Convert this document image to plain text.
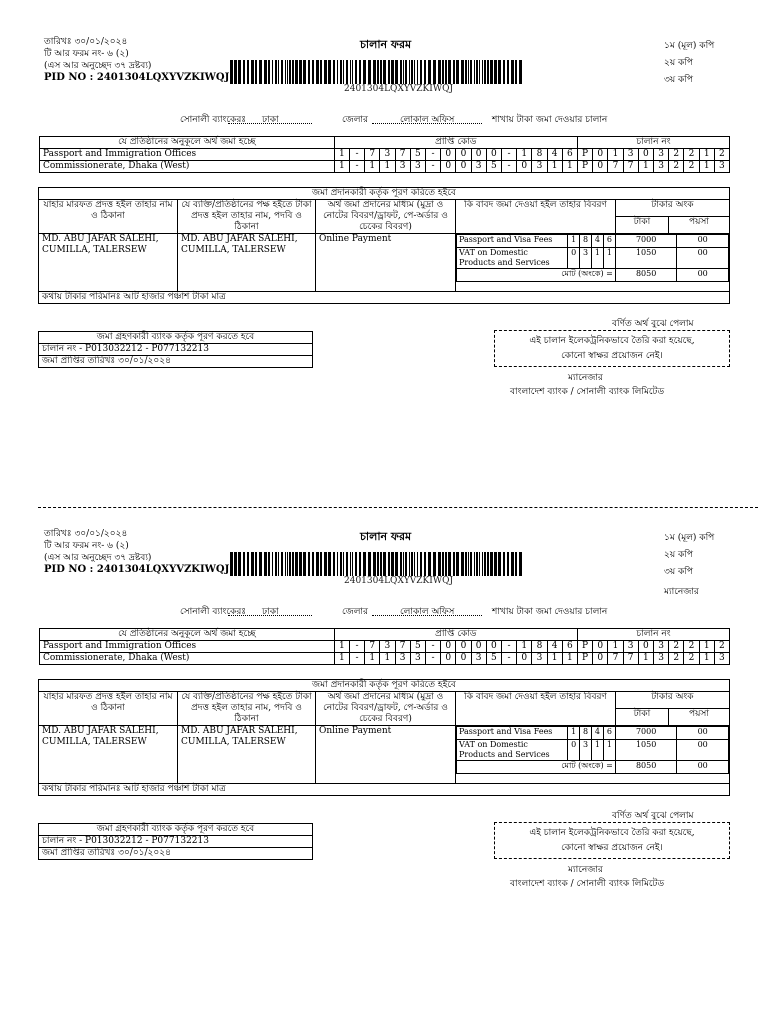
তারিখঃ ৩০/০১/২০২৪
টি আর ফরম নং- ৬ (২)
(এস আর অনুচ্ছেদ ৩৭ দ্রষ্টব্য)
PID NO : 2401304LQXYVZKIWQJ
চালান ফরম	১ম (মূল) কপি
২য় কপি
৩য় কপি
2401304LQXYVZKIWQJ
সোনালী ব্যাংকেরঃ ঢাকা	জেলার	লোকাল অফিস	শাখায় টাকা জমা দেওয়ার চালান
যে প্রতিষ্ঠানের অনুকূলে অর্থ জমা হচ্ছে	প্রাপ্তি কোড																চালান নং									
Passport and Immigration Offices	1	-	7	3	7	5	-	0	0	0	0	-	1	8	4	6	P	0	1	3	0	3	2	2	1	2
Commissionerate, Dhaka (West)	1	-	1	1	3	3	-	0	0	3	5	-	0	3	1	1	P	0	7	7	1	3	2	2	1	3
জমা প্রদানকারী কর্তৃক পূরণ করিতে হইবে
যাহার মারফত প্রদত্ত হইল তাহার নাম ও ঠিকানা	যে ব্যক্তি/প্রতিষ্ঠানের পক্ষ হইতে টাকা প্রদত্ত হইল তাহার নাম, পদবি ও ঠিকানা	অর্থ জমা প্রদানের মাধ্যম (মুদ্রা ও নোটের বিবরণ/ড্রাফট, পে-অর্ডার ও চেকের বিবরণ)	কি বাবদ জমা দেওয়া হইল তাহার বিবরণ	টাকার অংক
টাকা	পয়সা
MD. ABU JAFAR SALEHI, CUMILLA, TALERSEW	MD. ABU JAFAR SALEHI, CUMILLA, TALERSEW	Online Payment		Passport and Visa Fees	1	8	4	6	7000	00
VAT on Domestic Products and Services	0	3	1	1	1050	00
মোট (অংকে) =	8050	00

কথায় টাকার পরিমানঃ আট হাজার পঞ্চাশ টাকা মাত্র
বর্ণিত অর্থ বুঝে পেলাম
জমা গ্রহণকারী ব্যাংক কর্তৃক পূরণ করতে হবে
চালান নং - P013032212 - P077132213
জমা প্রাপ্তির তারিখঃ ৩০/০১/২০২৪
এই চালান ইলেকট্রনিকভাবে তৈরি করা হয়েছে,
কোনো স্বাক্ষর প্রয়োজন নেই।
ম্যানেজার
বাংলাদেশ ব্যাংক / সোনালী ব্যাংক লিমিটেড
তারিখঃ ৩০/০১/২০২৪
টি আর ফরম নং- ৬ (২)
(এস আর অনুচ্ছেদ ৩৭ দ্রষ্টব্য)
PID NO : 2401304LQXYVZKIWQJ
চালান ফরম	১ম (মূল) কপি
২য় কপি
৩য় কপি
ম্যানেজার
2401304LQXYVZKIWQJ
সোনালী ব্যাংকেরঃ ঢাকা	জেলার	লোকাল অফিস	শাখায় টাকা জমা দেওয়ার চালান
যে প্রতিষ্ঠানের অনুকূলে অর্থ জমা হচ্ছে	প্রাপ্তি কোড																চালান নং									
Passport and Immigration Offices	1	-	7	3	7	5	-	0	0	0	0	-	1	8	4	6	P	0	1	3	0	3	2	2	1	2
Commissionerate, Dhaka (West)	1	-	1	1	3	3	-	0	0	3	5	-	0	3	1	1	P	0	7	7	1	3	2	2	1	3
জমা প্রদানকারী কর্তৃক পূরণ করিতে হইবে
যাহার মারফত প্রদত্ত হইল তাহার নাম ও ঠিকানা	যে ব্যক্তি/প্রতিষ্ঠানের পক্ষ হইতে টাকা প্রদত্ত হইল তাহার নাম, পদবি ও ঠিকানা	অর্থ জমা প্রদানের মাধ্যম (মুদ্রা ও নোটের বিবরণ/ড্রাফট, পে-অর্ডার ও চেকের বিবরণ)	কি বাবদ জমা দেওয়া হইল তাহার বিবরণ	টাকার অংক
টাকা	পয়সা
MD. ABU JAFAR SALEHI, CUMILLA, TALERSEW	MD. ABU JAFAR SALEHI, CUMILLA, TALERSEW	Online Payment		Passport and Visa Fees	1	8	4	6	7000	00
VAT on Domestic Products and Services	0	3	1	1	1050	00
মোট (অংকে) =	8050	00

কথায় টাকার পরিমানঃ আট হাজার পঞ্চাশ টাকা মাত্র
বর্ণিত অর্থ বুঝে পেলাম
জমা গ্রহণকারী ব্যাংক কর্তৃক পূরণ করতে হবে
চালান নং - P013032212 - P077132213
জমা প্রাপ্তির তারিখঃ ৩০/০১/২০২৪
এই চালান ইলেকট্রনিকভাবে তৈরি করা হয়েছে,
কোনো স্বাক্ষর প্রয়োজন নেই।
ম্যানেজার
বাংলাদেশ ব্যাংক / সোনালী ব্যাংক লিমিটেড
